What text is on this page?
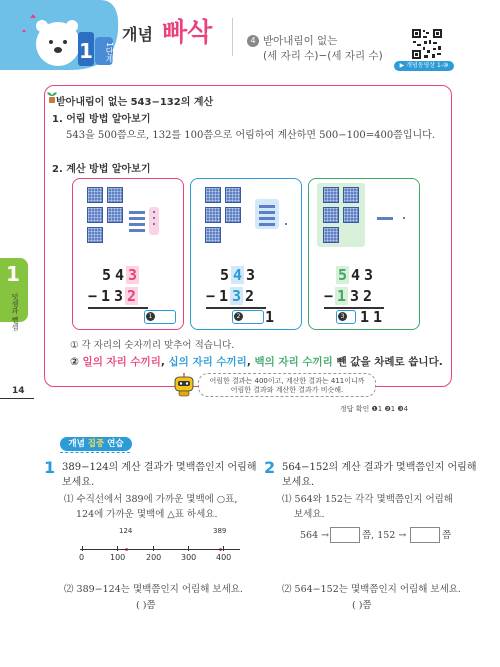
1	1단계
개념 빠삭	4 받아내림이 없는
(세 자리 수)−(세 자리 수)
▶ 개념동영상 1-⑩
받아내림이 없는 543−132의 계산
1. 어림 방법 알아보기
543을 500쯤으로, 132를 100쯤으로 어림하여 계산하면 500−100=400쯤입니다.
2. 계산 방법 알아보기
5 4 3
− 1 3 2
1
5 4 3
− 1 3 2
2 1
5 4 3
− 1 3 2
3 1 1
① 각 자리의 숫자끼리 맞추어 적습니다.
② 일의 자리 수끼리, 십의 자리 수끼리, 백의 자리 수끼리 뺀 값을 차례로 씁니다.
어림한 결과는 400이고, 계산한 결과는 411이니까
어림한 결과와 계산한 결과가 비슷해.
정답 확인 ❶1 ❷1 ❸4
1
덧셈과 뺄셈
14
개념 집중 연습
1 389−124의 계산 결과가 몇백쯤인지 어림해
보세요.
⑴ 수직선에서 389에 가까운 몇백에 ○표,
124에 가까운 몇백에 △표 하세요.
124	389
0	100	200 300 400
⑵ 389−124는 몇백쯤인지 어림해 보세요.
( )쯤
2 564−152의 계산 결과가 몇백쯤인지 어림해
보세요.
⑴ 564와 152는 각각 몇백쯤인지 어림해
보세요.
564 →	쯤, 152 →	쯤
⑵ 564−152는 몇백쯤인지 어림해 보세요.
( )쯤
